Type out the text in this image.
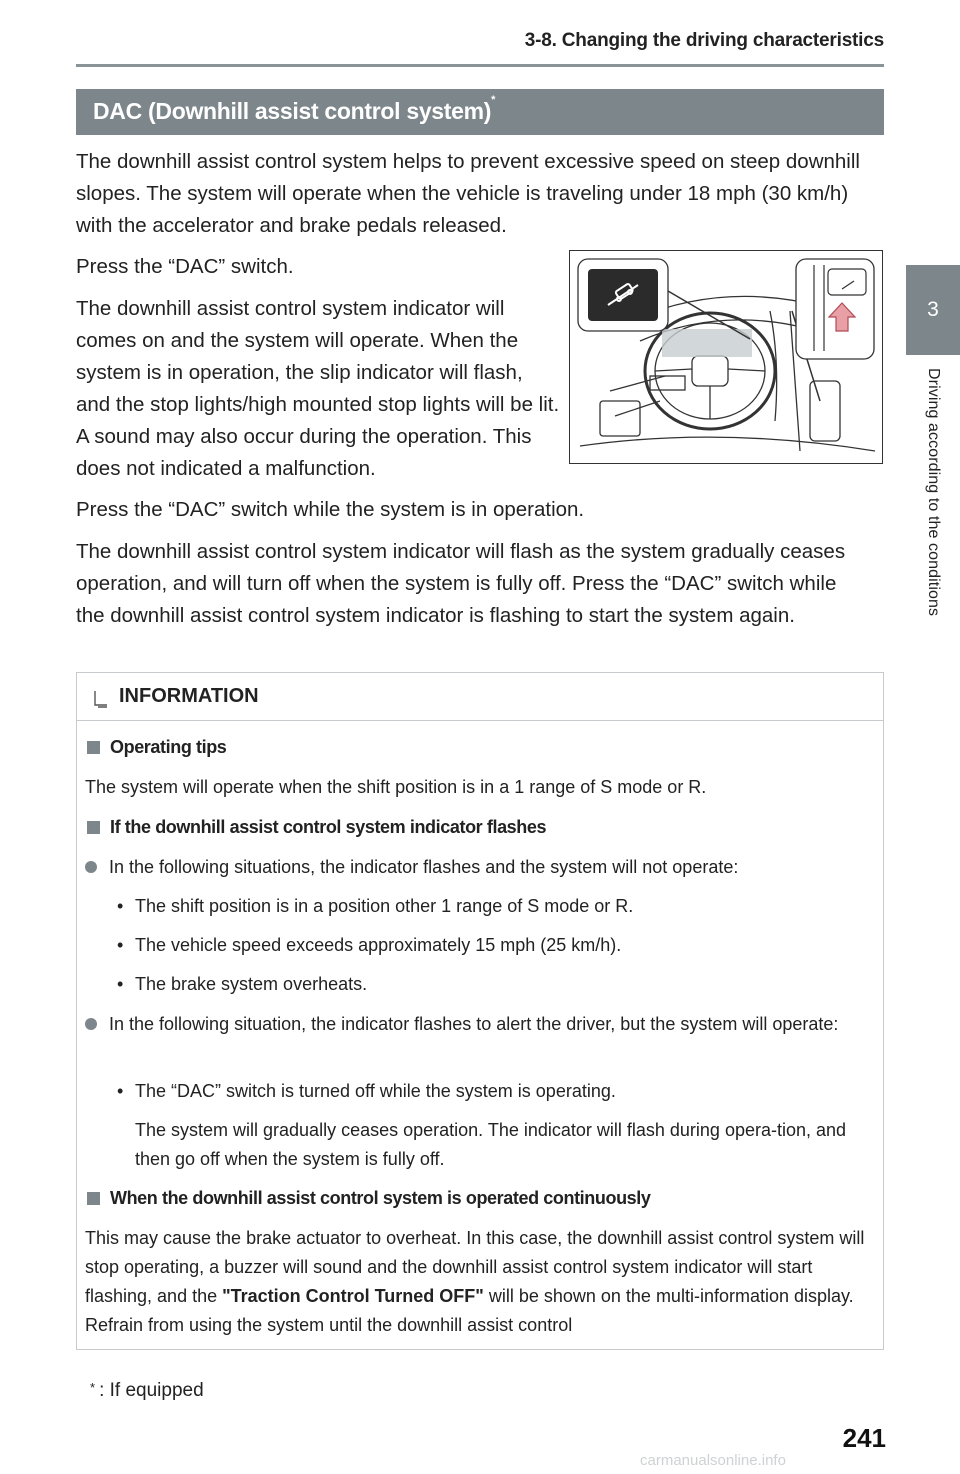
3-8. Changing the driving characteristics
3
Driving according to the conditions
DAC (Downhill assist control system)*
The downhill assist control system helps to prevent excessive speed on steep downhill slopes. The system will operate when the vehicle is traveling under 18 mph (30 km/h) with the accelerator and brake pedals released.
Press the “DAC” switch.
The downhill assist control system indicator will comes on and the system will operate. When the system is in operation, the slip indicator will flash, and the stop lights/high mounted stop lights will be lit. A sound may also occur during the operation. This does not indicated a malfunction.
Press the “DAC” switch while the system is in operation.
The downhill assist control system indicator will flash as the system gradually ceases operation, and will turn off when the system is fully off. Press the “DAC” switch while the downhill assist control system indicator is flashing to start the system again.
INFORMATION
Operating tips
The system will operate when the shift position is in a 1 range of S mode or R.
If the downhill assist control system indicator flashes
In the following situations, the indicator flashes and the system will not operate:
• The shift position is in a position other 1 range of S mode or R.
• The vehicle speed exceeds approximately 15 mph (25 km/h).
• The brake system overheats.
In the following situation, the indicator flashes to alert the driver, but the system will operate:
• The “DAC” switch is turned off while the system is operating.
The system will gradually ceases operation. The indicator will flash during opera-tion, and then go off when the system is fully off.
When the downhill assist control system is operated continuously
This may cause the brake actuator to overheat. In this case, the downhill assist control system will stop operating, a buzzer will sound and the downhill assist control system indicator will start flashing, and the "Traction Control Turned OFF" will be shown on the multi-information display. Refrain from using the system until the downhill assist control
* : If equipped
241
carmanualsonline.info
